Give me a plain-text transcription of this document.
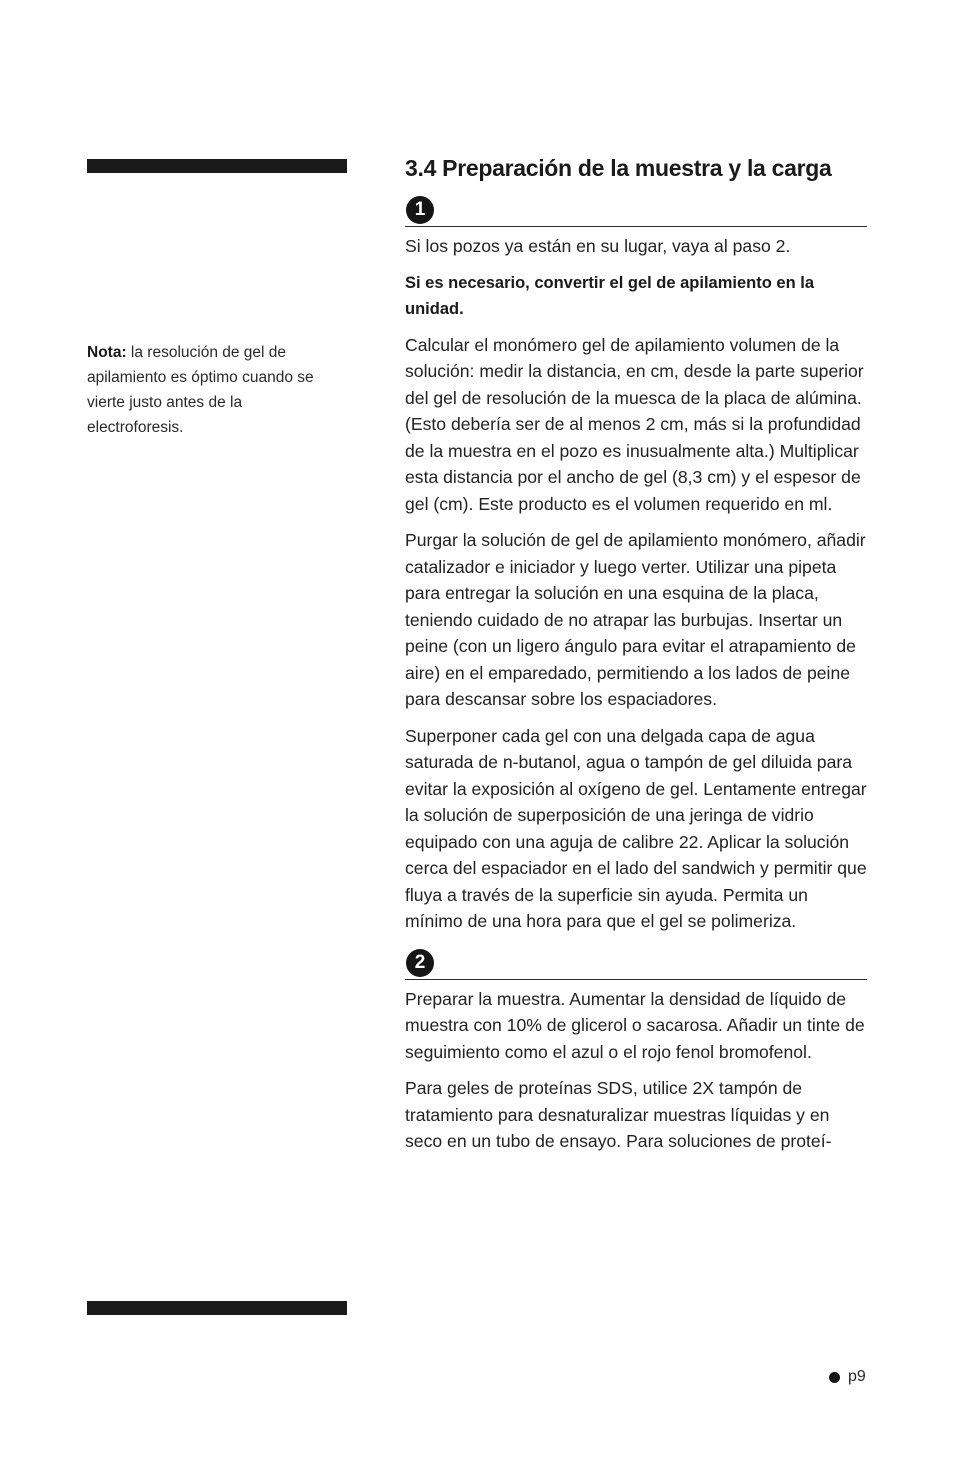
Nota: la resolución de gel de apilamiento es óptimo cuando se vierte justo antes de la electroforesis.
3.4 Preparación de la muestra y la carga
1

Si los pozos ya están en su lugar, vaya al paso 2.

Si es necesario, convertir el gel de apilamiento en la unidad.

Calcular el monómero gel de apilamiento volumen de la solución: medir la distancia, en cm, desde la parte superior del gel de resolución de la muesca de la placa de alúmina. (Esto debería ser de al menos 2 cm, más si la profundidad de la muestra en el pozo es inusualmente alta.) Multiplicar esta distancia por el ancho de gel (8,3 cm) y el espesor de gel (cm). Este producto es el volumen requerido en ml.

Purgar la solución de gel de apilamiento monómero, añadir catalizador e iniciador y luego verter. Utilizar una pipeta para entregar la solución en una esquina de la placa, teniendo cuidado de no atrapar las burbujas. Insertar un peine (con un ligero ángulo para evitar el atrapamiento de aire) en el emparedado, permitiendo a los lados de peine para descansar sobre los espaciadores.

Superponer cada gel con una delgada capa de agua saturada de n-butanol, agua o tampón de gel diluida para evitar la exposición al oxígeno de gel. Lentamente entregar la solución de superposición de una jeringa de vidrio equipado con una aguja de calibre 22. Aplicar la solución cerca del espaciador en el lado del sandwich y permitir que fluya a través de la superficie sin ayuda. Permita un mínimo de una hora para que el gel se polimeriza.

2

Preparar la muestra. Aumentar la densidad de líquido de muestra con 10% de glicerol o sacarosa. Añadir un tinte de seguimiento como el azul o el rojo fenol bromofenol.

Para geles de proteínas SDS, utilice 2X tampón de tratamiento para desnaturalizar muestras líquidas y en seco en un tubo de ensayo. Para soluciones de proteí-

p9
